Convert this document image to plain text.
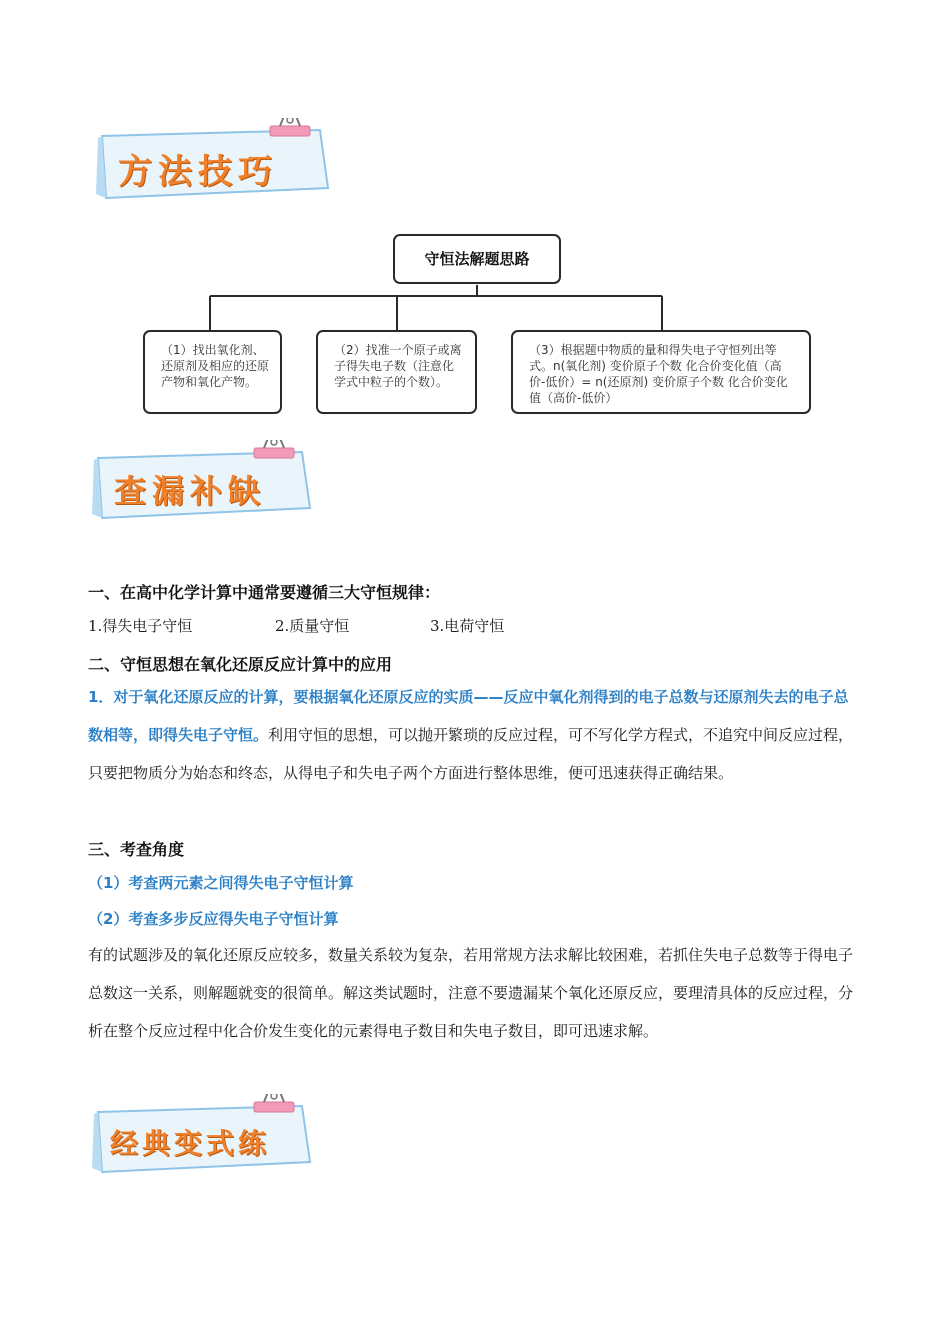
方法技巧
守恒法解题思路
（1）找出氧化剂、还原剂及相应的还原产物和氧化产物。
（2）找准一个原子或离子得失电子数（注意化学式中粒子的个数）。
（3）根据题中物质的量和得失电子守恒列出等式。n(氧化剂) 变价原子个数 化合价变化值（高价-低价）= n(还原剂) 变价原子个数 化合价变化值（高价-低价）
查漏补缺
一、在高中化学计算中通常要遵循三大守恒规律：
1.得失电子守恒	2.质量守恒	3.电荷守恒
二、守恒思想在氧化还原反应计算中的应用
1．对于氧化还原反应的计算，要根据氧化还原反应的实质——反应中氧化剂得到的电子总数与还原剂失去的电子总数相等，即得失电子守恒。利用守恒的思想，可以抛开繁琐的反应过程，可不写化学方程式，不追究中间反应过程，只要把物质分为始态和终态，从得电子和失电子两个方面进行整体思维，便可迅速获得正确结果。
三、考查角度
（1）考查两元素之间得失电子守恒计算
（2）考查多步反应得失电子守恒计算
有的试题涉及的氧化还原反应较多，数量关系较为复杂，若用常规方法求解比较困难，若抓住失电子总数等于得电子总数这一关系，则解题就变的很简单。解这类试题时，注意不要遗漏某个氧化还原反应，要理清具体的反应过程，分析在整个反应过程中化合价发生变化的元素得电子数目和失电子数目，即可迅速求解。
经典变式练
